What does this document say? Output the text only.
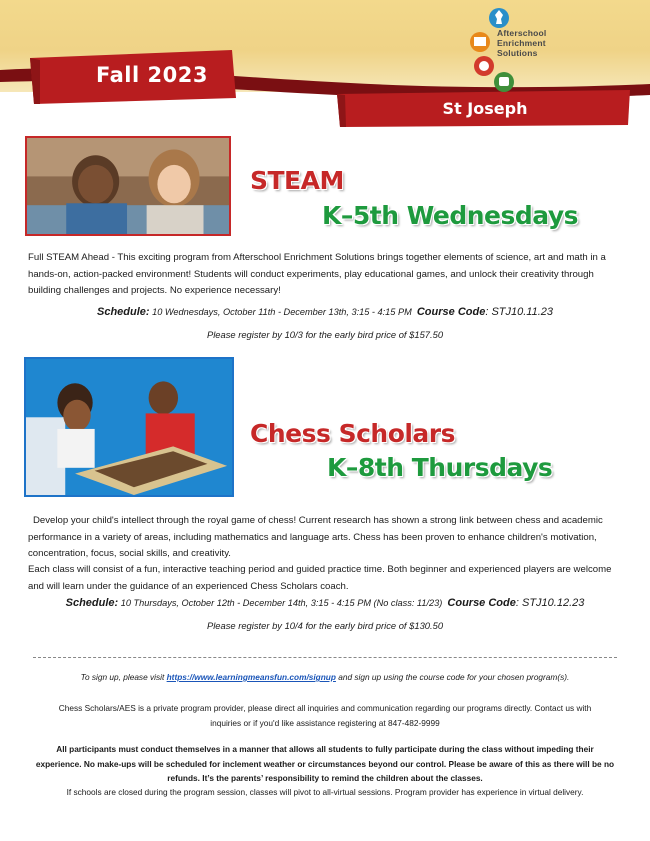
Fall 2023
St Joseph
Afterschool
Enrichment
Solutions
STEAM
K–5th Wednesdays
Full STEAM Ahead - This exciting program from Afterschool Enrichment Solutions brings together elements of science, art and math in a hands-on, action-packed environment! Students will conduct experiments, play educational games, and unlock their creativity through building challenges and projects. No experience necessary!
Schedule: 10 Wednesdays, October 11th - December 13th, 3:15 - 4:15 PM Course Code: STJ10.11.23
Please register by 10/3 for the early bird price of $157.50
Chess Scholars
K–8th Thursdays
Develop your child's intellect through the royal game of chess! Current research has shown a strong link between chess and academic performance in a variety of areas, including mathematics and language arts. Chess has been proven to enhance children's motivation, concentration, focus, social skills, and creativity.
Each class will consist of a fun, interactive teaching period and guided practice time. Both beginner and experienced players are welcome and will learn under the guidance of an experienced Chess Scholars coach.
Schedule: 10 Thursdays, October 12th - December 14th, 3:15 - 4:15 PM (No class: 11/23) Course Code: STJ10.12.23
Please register by 10/4 for the early bird price of $130.50
To sign up, please visit https://www.learningmeansfun.com/signup and sign up using the course code for your chosen program(s).
Chess Scholars/AES is a private program provider, please direct all inquiries and communication regarding our programs directly. Contact us with
inquiries or if you'd like assistance registering at 847-482-9999
All participants must conduct themselves in a manner that allows all students to fully participate during the class without impeding their
experience. No make-ups will be scheduled for inclement weather or circumstances beyond our control. Please be aware of this as there will be no
refunds. It’s the parents’ responsibility to remind the children about the classes.
If schools are closed during the program session, classes will pivot to all-virtual sessions. Program provider has experience in virtual delivery.
